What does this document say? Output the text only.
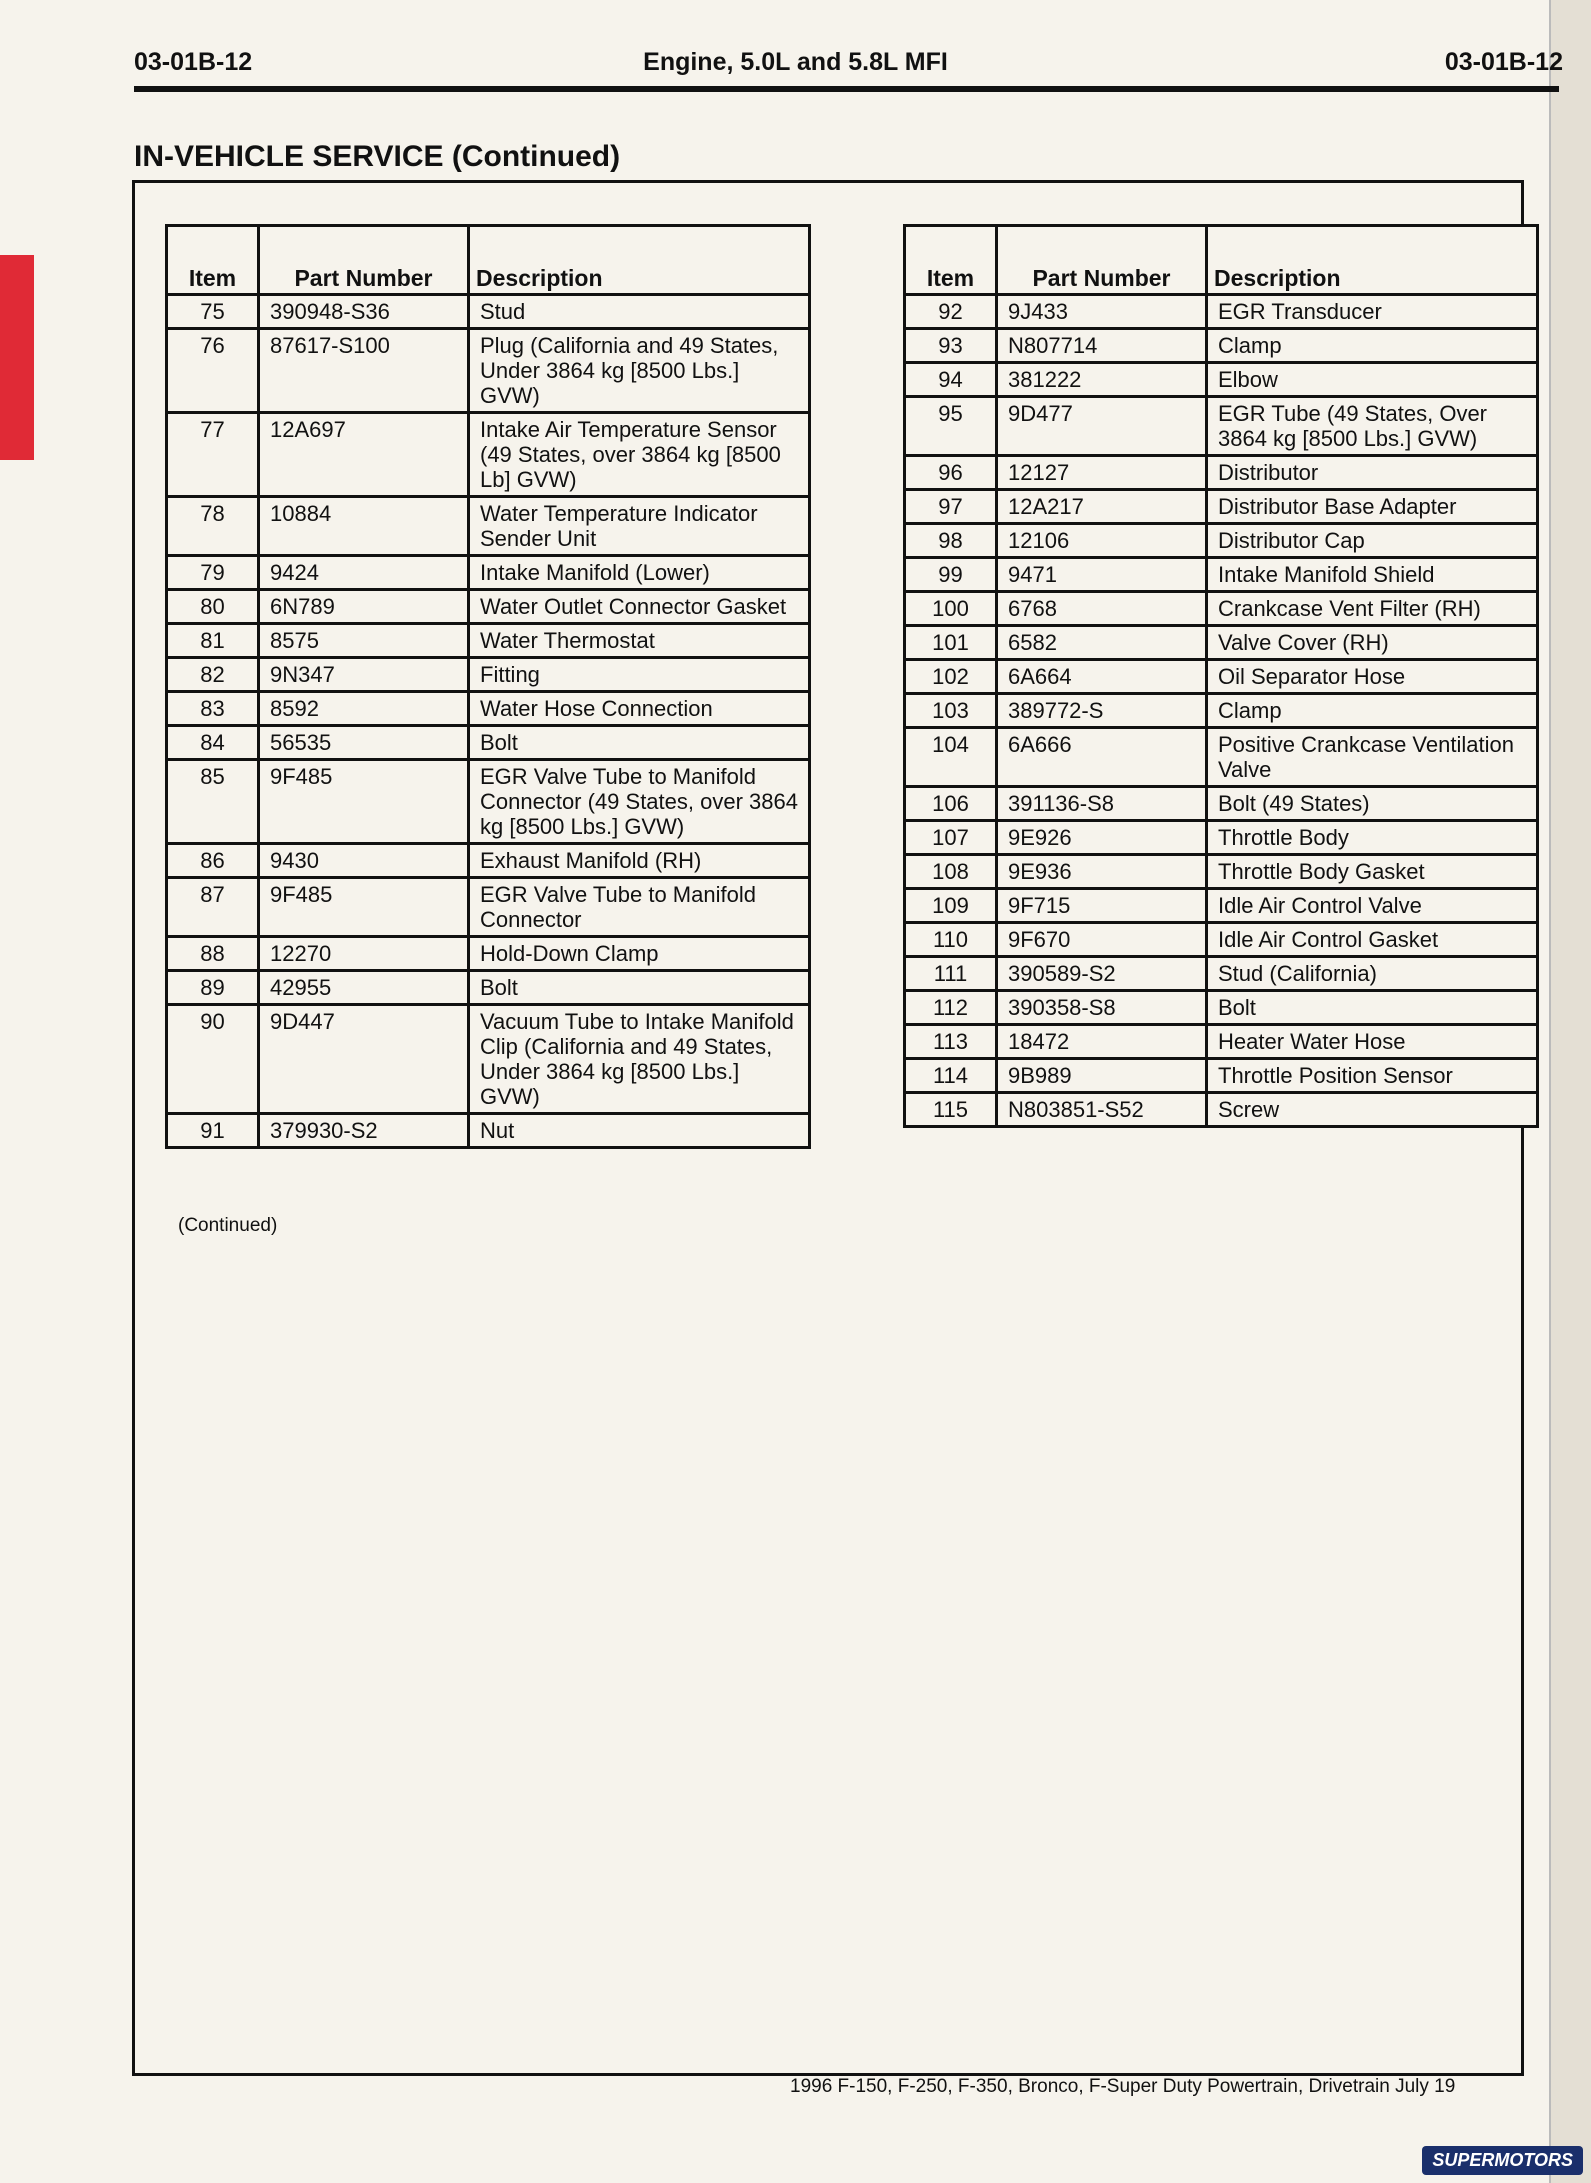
03-01B-12	Engine, 5.0L and 5.8L MFI	03-01B-12
IN-VEHICLE SERVICE (Continued)
Item	Part Number	Description
75	390948-S36	Stud
76	87617-S100	Plug (California and 49 States, Under 3864 kg [8500 Lbs.] GVW)
77	12A697	Intake Air Temperature Sensor (49 States, over 3864 kg [8500 Lb] GVW)
78	10884	Water Temperature Indicator Sender Unit
79	9424	Intake Manifold (Lower)
80	6N789	Water Outlet Connector Gasket
81	8575	Water Thermostat
82	9N347	Fitting
83	8592	Water Hose Connection
84	56535	Bolt
85	9F485	EGR Valve Tube to Manifold Connector (49 States, over 3864 kg [8500 Lbs.] GVW)
86	9430	Exhaust Manifold (RH)
87	9F485	EGR Valve Tube to Manifold Connector
88	12270	Hold-Down Clamp
89	42955	Bolt
90	9D447	Vacuum Tube to Intake Manifold Clip (California and 49 States, Under 3864 kg [8500 Lbs.] GVW)
91	379930-S2	Nut
(Continued)
Item	Part Number	Description
92	9J433	EGR Transducer
93	N807714	Clamp
94	381222	Elbow
95	9D477	EGR Tube (49 States, Over 3864 kg [8500 Lbs.] GVW)
96	12127	Distributor
97	12A217	Distributor Base Adapter
98	12106	Distributor Cap
99	9471	Intake Manifold Shield
100	6768	Crankcase Vent Filter (RH)
101	6582	Valve Cover (RH)
102	6A664	Oil Separator Hose
103	389772-S	Clamp
104	6A666	Positive Crankcase Ventilation Valve
106	391136-S8	Bolt (49 States)
107	9E926	Throttle Body
108	9E936	Throttle Body Gasket
109	9F715	Idle Air Control Valve
110	9F670	Idle Air Control Gasket
111	390589-S2	Stud (California)
112	390358-S8	Bolt
113	18472	Heater Water Hose
114	9B989	Throttle Position Sensor
115	N803851-S52	Screw
1996 F-150, F-250, F-350, Bronco, F-Super Duty Powertrain, Drivetrain July 19
SUPERMOTORS
